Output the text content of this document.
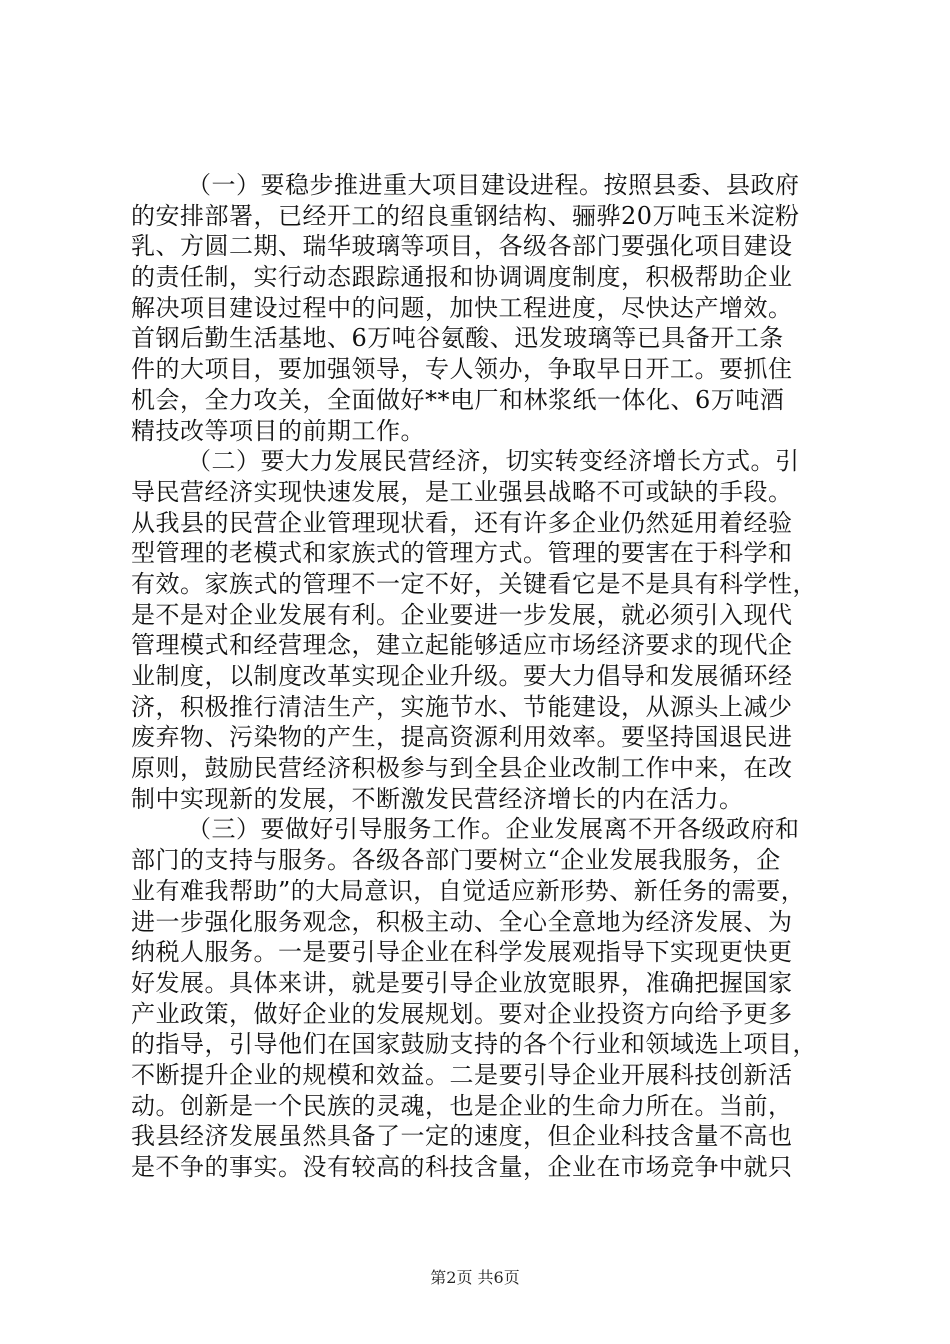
（一）要稳步推进重大项目建设进程。按照县委、县政府
的安排部署，已经开工的绍良重钢结构、骊骅20万吨玉米淀粉
乳、方圆二期、瑞华玻璃等项目，各级各部门要强化项目建设
的责任制，实行动态跟踪通报和协调调度制度，积极帮助企业
解决项目建设过程中的问题，加快工程进度，尽快达产增效。
首钢后勤生活基地、6万吨谷氨酸、迅发玻璃等已具备开工条
件的大项目，要加强领导，专人领办，争取早日开工。要抓住
机会，全力攻关，全面做好**电厂和林浆纸一体化、6万吨酒
精技改等项目的前期工作。
（二）要大力发展民营经济，切实转变经济增长方式。引
导民营经济实现快速发展，是工业强县战略不可或缺的手段。
从我县的民营企业管理现状看，还有许多企业仍然延用着经验
型管理的老模式和家族式的管理方式。管理的要害在于科学和
有效。家族式的管理不一定不好，关键看它是不是具有科学性，
是不是对企业发展有利。企业要进一步发展，就必须引入现代
管理模式和经营理念，建立起能够适应市场经济要求的现代企
业制度，以制度改革实现企业升级。要大力倡导和发展循环经
济，积极推行清洁生产，实施节水、节能建设，从源头上减少
废弃物、污染物的产生，提高资源利用效率。要坚持国退民进
原则，鼓励民营经济积极参与到全县企业改制工作中来，在改
制中实现新的发展，不断激发民营经济增长的内在活力。
（三）要做好引导服务工作。企业发展离不开各级政府和
部门的支持与服务。各级各部门要树立“企业发展我服务，企
业有难我帮助”的大局意识，自觉适应新形势、新任务的需要，
进一步强化服务观念，积极主动、全心全意地为经济发展、为
纳税人服务。一是要引导企业在科学发展观指导下实现更快更
好发展。具体来讲，就是要引导企业放宽眼界，准确把握国家
产业政策，做好企业的发展规划。要对企业投资方向给予更多
的指导，引导他们在国家鼓励支持的各个行业和领域选上项目，
不断提升企业的规模和效益。二是要引导企业开展科技创新活
动。创新是一个民族的灵魂，也是企业的生命力所在。当前，
我县经济发展虽然具备了一定的速度，但企业科技含量不高也
是不争的事实。没有较高的科技含量，企业在市场竞争中就只
第2页 共6页
